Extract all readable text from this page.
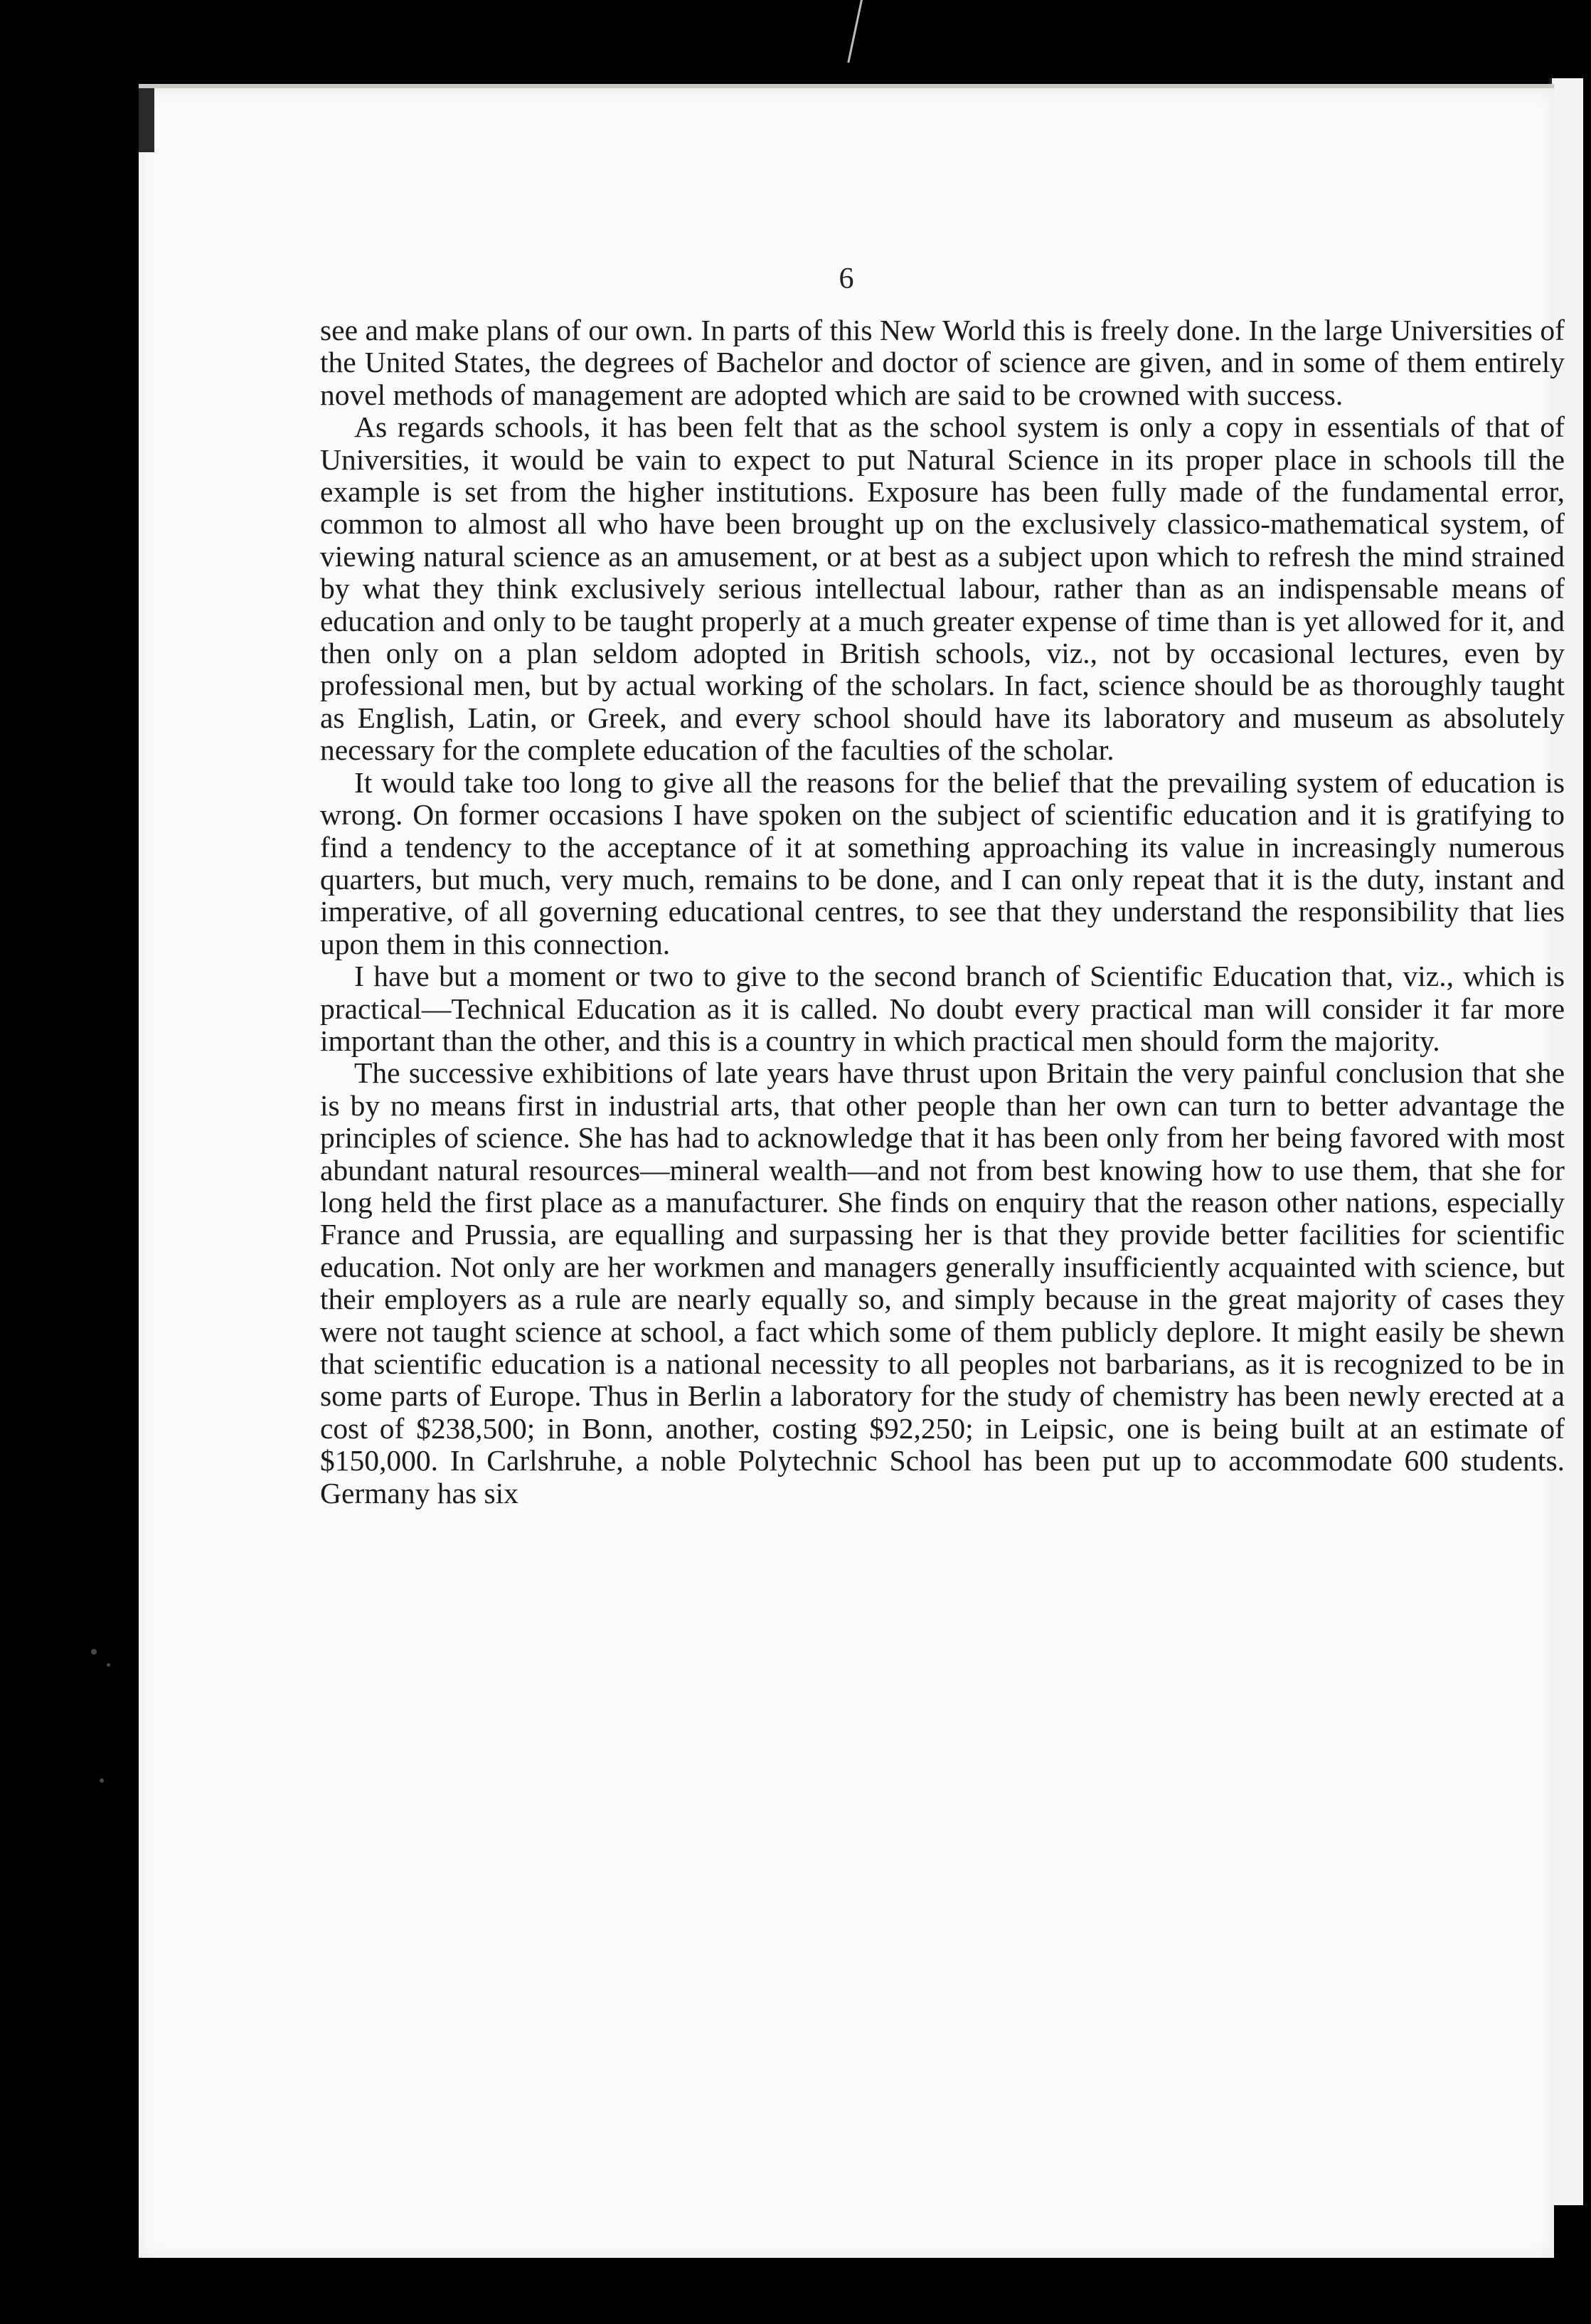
6

see and make plans of our own. In parts of this New World this is freely done. In the large Universities of the United States, the degrees of Bachelor and doctor of science are given, and in some of them entirely novel methods of management are adopted which are said to be crowned with success.

As regards schools, it has been felt that as the school system is only a copy in essentials of that of Universities, it would be vain to expect to put Natural Science in its proper place in schools till the example is set from the higher institutions. Exposure has been fully made of the fundamental error, common to almost all who have been brought up on the exclusively classico-mathematical system, of viewing natural science as an amusement, or at best as a subject upon which to refresh the mind strained by what they think exclusively serious intellectual labour, rather than as an indispensable means of education and only to be taught properly at a much greater expense of time than is yet allowed for it, and then only on a plan seldom adopted in British schools, viz., not by occasional lectures, even by professional men, but by actual working of the scholars. In fact, science should be as thoroughly taught as English, Latin, or Greek, and every school should have its laboratory and museum as absolutely necessary for the complete education of the faculties of the scholar.

It would take too long to give all the reasons for the belief that the prevailing system of education is wrong. On former occasions I have spoken on the subject of scientific education and it is gratifying to find a tendency to the acceptance of it at something approaching its value in increasingly numerous quarters, but much, very much, remains to be done, and I can only repeat that it is the duty, instant and imperative, of all governing educational centres, to see that they understand the responsibility that lies upon them in this connection.

I have but a moment or two to give to the second branch of Scientific Education that, viz., which is practical—Technical Education as it is called. No doubt every practical man will consider it far more important than the other, and this is a country in which practical men should form the majority.

The successive exhibitions of late years have thrust upon Britain the very painful conclusion that she is by no means first in industrial arts, that other people than her own can turn to better advantage the principles of science. She has had to acknowledge that it has been only from her being favored with most abundant natural resources—mineral wealth—and not from best knowing how to use them, that she for long held the first place as a manufacturer. She finds on enquiry that the reason other nations, especially France and Prussia, are equalling and surpassing her is that they provide better facilities for scientific education. Not only are her workmen and managers generally insufficiently acquainted with science, but their employers as a rule are nearly equally so, and simply because in the great majority of cases they were not taught science at school, a fact which some of them publicly deplore. It might easily be shewn that scientific education is a national necessity to all peoples not barbarians, as it is recognized to be in some parts of Europe. Thus in Berlin a laboratory for the study of chemistry has been newly erected at a cost of $238,500; in Bonn, another, costing $92,250; in Leipsic, one is being built at an estimate of $150,000. In Carlshruhe, a noble Polytechnic School has been put up to accommodate 600 students. Germany has six
